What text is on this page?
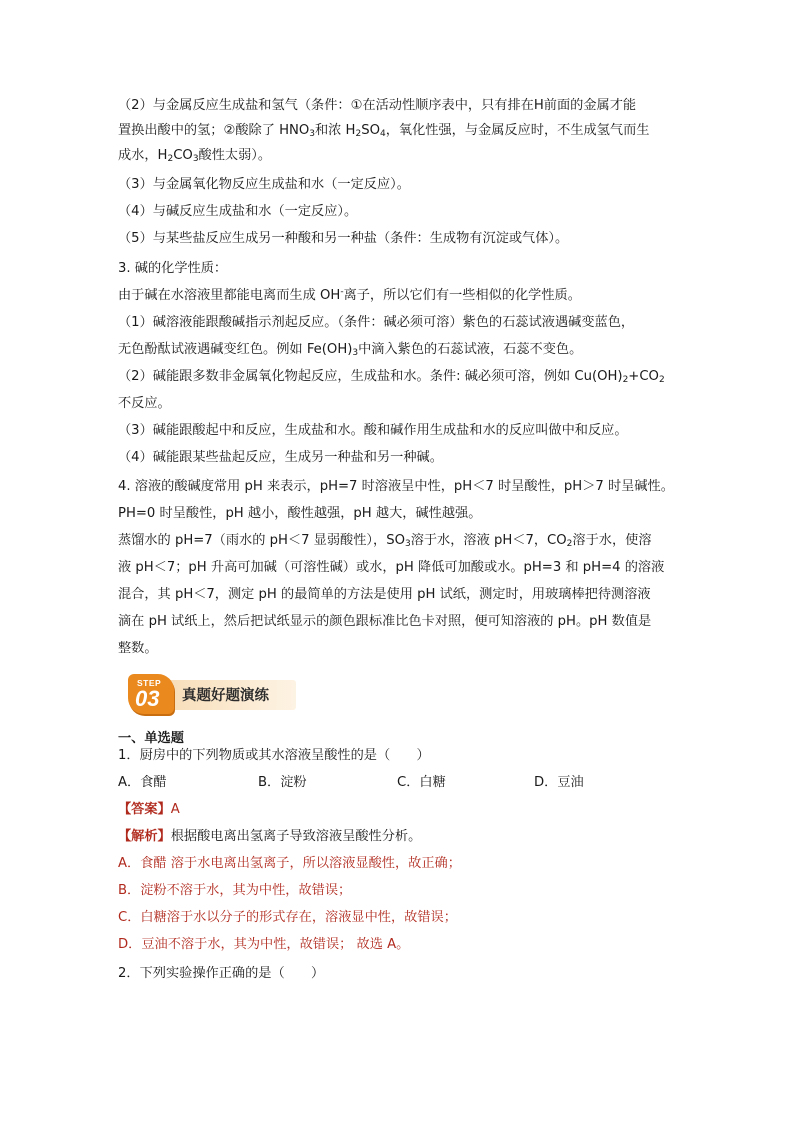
（2）与金属反应生成盐和氢气（条件：①在活动性顺序表中，只有排在H前面的金属才能
置换出酸中的氢；②酸除了 $HNO_3$和浓 $H_2SO_4$，氧化性强，与金属反应时，不生成氢气而生
成水，$H_2CO_3$酸性太弱）。
（3）与金属氧化物反应生成盐和水（一定反应）。
（4）与碱反应生成盐和水（一定反应）。
（5）与某些盐反应生成另一种酸和另一种盐（条件：生成物有沉淀或气体）。
3. 碱的化学性质：
由于碱在水溶液里都能电离而生成 OH-离子，所以它们有一些相似的化学性质。
（1）碱溶液能跟酸碱指示剂起反应。（条件：碱必须可溶）紫色的石蕊试液遇碱变蓝色，
无色酚酞试液遇碱变红色。例如 $Fe(OH)_3$中滴入紫色的石蕊试液，石蕊不变色。
（2）碱能跟多数非金属氧化物起反应，生成盐和水。条件: 碱必须可溶，例如 $Cu(OH)_2+CO_2$
不反应。
（3）碱能跟酸起中和反应，生成盐和水。酸和碱作用生成盐和水的反应叫做中和反应。
（4）碱能跟某些盐起反应，生成另一种盐和另一种碱。
4. 溶液的酸碱度常用 pH 来表示，pH=7 时溶液呈中性，pH＜7 时呈酸性，pH＞7 时呈碱性。
PH=0 时呈酸性，pH 越小，酸性越强，pH 越大，碱性越强。
蒸馏水的 pH=7（雨水的 pH＜7 显弱酸性），$SO_3$溶于水，溶液 pH＜7，$CO_2$溶于水，使溶
液 pH＜7；pH 升高可加碱（可溶性碱）或水，pH 降低可加酸或水。pH=3 和 pH=4 的溶液
混合，其 pH＜7，测定 pH 的最简单的方法是使用 pH 试纸，测定时，用玻璃棒把待测溶液
滴在 pH 试纸上，然后把试纸显示的颜色跟标准比色卡对照，便可知溶液的 pH。pH 数值是
整数。
STEP
03 真题好题演练
一、单选题
1．厨房中的下列物质或其水溶液呈酸性的是（　　）
A．食醋	B．淀粉	C．白糖	D．豆油
【答案】A
【解析】根据酸电离出氢离子导致溶液呈酸性分析。
A．食醋 溶于水电离出氢离子，所以溶液显酸性，故正确；
B．淀粉不溶于水，其为中性，故错误；
C．白糖溶于水以分子的形式存在，溶液显中性，故错误；
D．豆油不溶于水，其为中性，故错误； 故选 A。
2．下列实验操作正确的是（　　）
